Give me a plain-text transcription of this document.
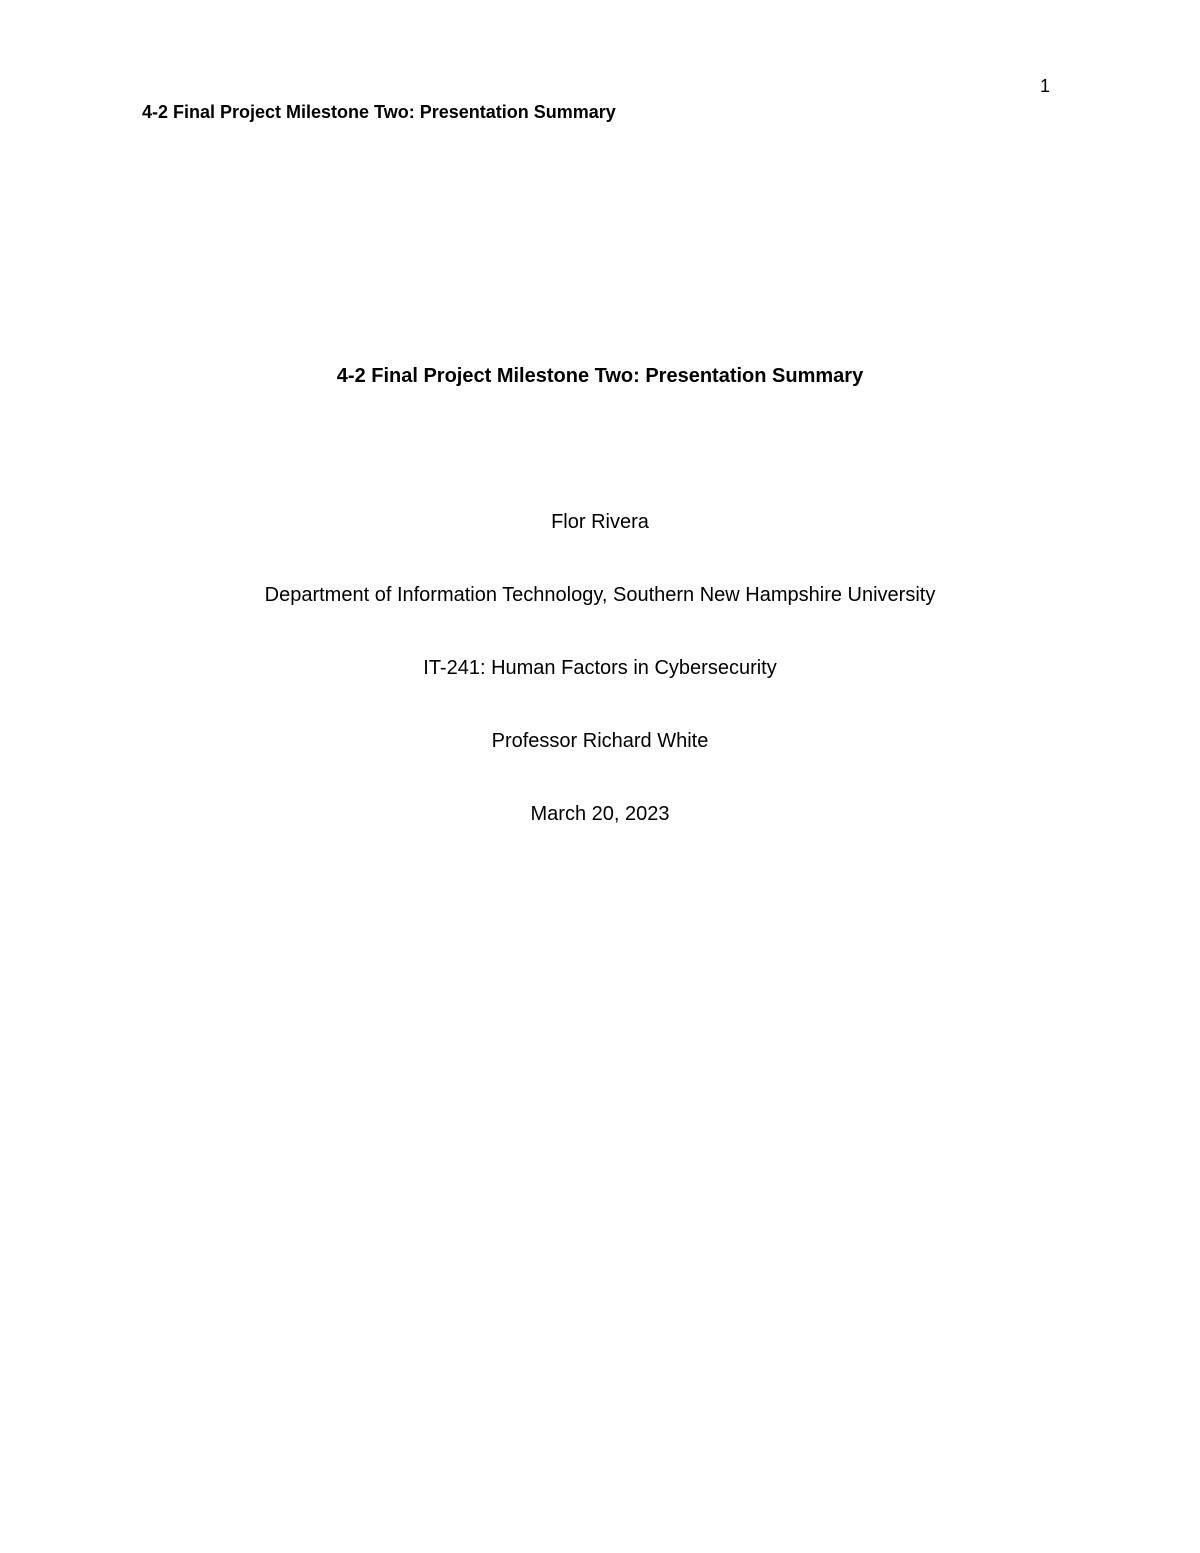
1
4-2 Final Project Milestone Two: Presentation Summary
4-2 Final Project Milestone Two: Presentation Summary
Flor Rivera
Department of Information Technology, Southern New Hampshire University
IT-241: Human Factors in Cybersecurity
Professor Richard White
March 20, 2023
